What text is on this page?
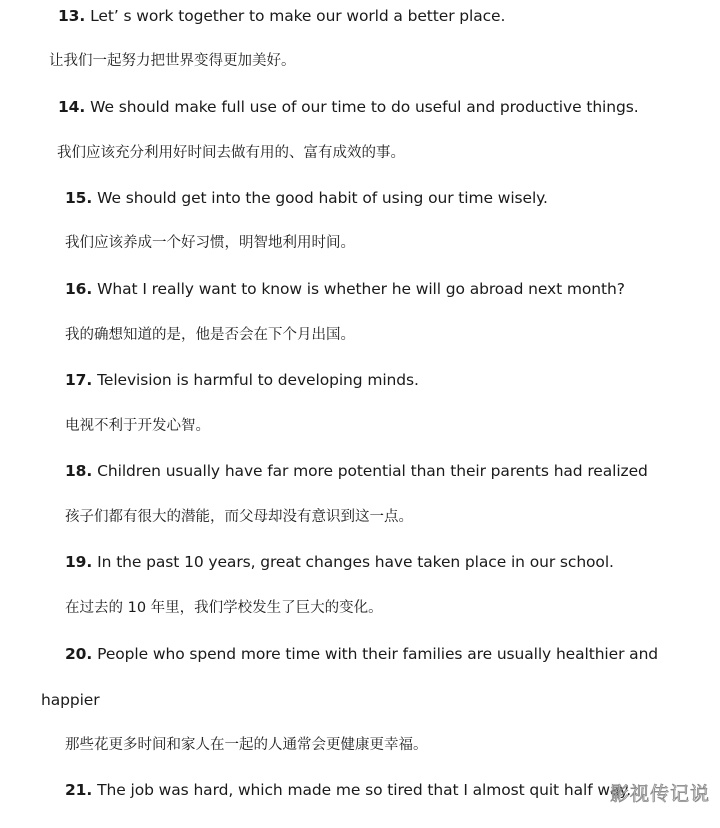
13. Let’ s work together to make our world a better place.
让我们一起努力把世界变得更加美好。
14. We should make full use of our time to do useful and productive things.
我们应该充分利用好时间去做有用的、富有成效的事。
15. We should get into the good habit of using our time wisely.
我们应该养成一个好习惯，明智地利用时间。
16. What I really want to know is whether he will go abroad next month?
我的确想知道的是，他是否会在下个月出国。
17. Television is harmful to developing minds.
电视不利于开发心智。
18. Children usually have far more potential than their parents had realized
孩子们都有很大的潜能，而父母却没有意识到这一点。
19. In the past 10 years, great changes have taken place in our school.
在过去的 10 年里，我们学校发生了巨大的变化。
20. People who spend more time with their families are usually healthier and
happier
那些花更多时间和家人在一起的人通常会更健康更幸福。
21. The job was hard, which made me so tired that I almost quit half way.
影视传记说
